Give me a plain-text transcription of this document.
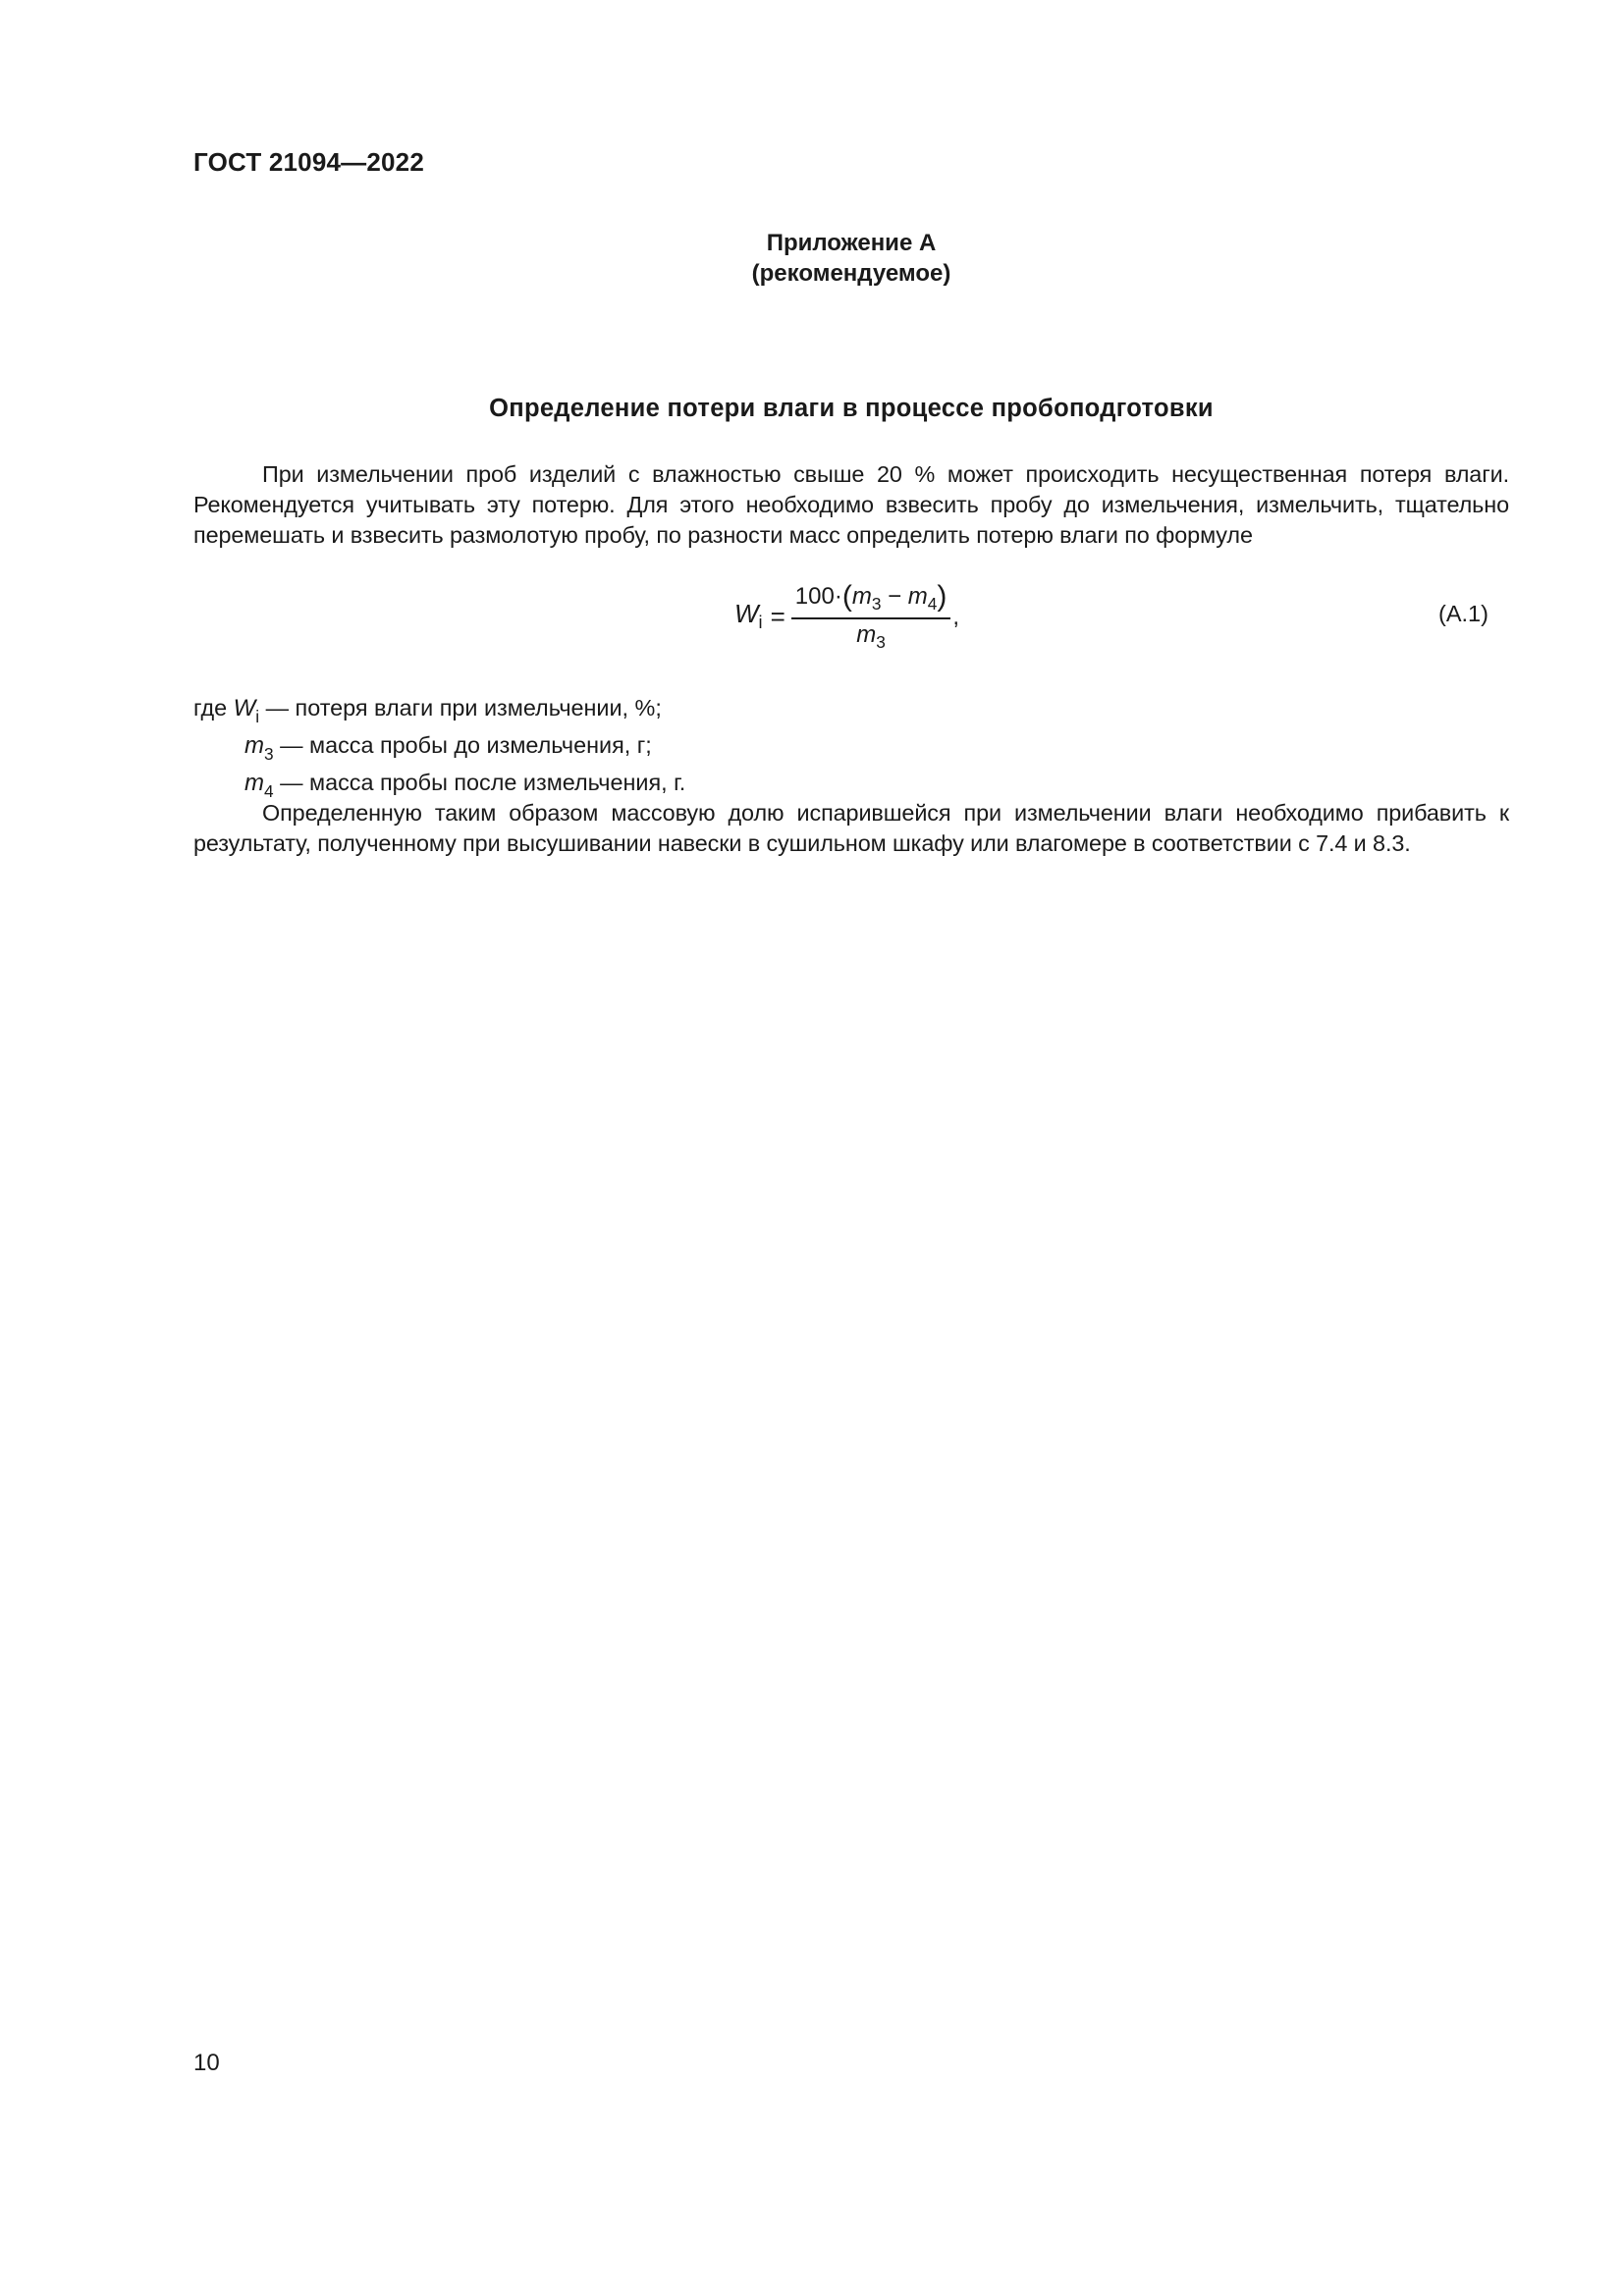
ГОСТ 21094—2022
Приложение А
(рекомендуемое)
Определение потери влаги в процессе пробоподготовки

При измельчении проб изделий с влажностью свыше 20 % может происходить несущественная потеря влаги. Рекомендуется учитывать эту потерю. Для этого необходимо взвесить пробу до измельчения, измельчить, тщательно перемешать и взвесить размолотую пробу, по разности масс определить потерю влаги по формуле

$W_i = \frac{100\cdot(m_3 - m_4)}{m_3}$ ,	(А.1)
где $W_i$ — потеря влаги при измельчении, %;
$m_3$ — масса пробы до измельчения, г;
$m_4$ — масса пробы после измельчения, г.

Определенную таким образом массовую долю испарившейся при измельчении влаги необходимо прибавить к результату, полученному при высушивании навески в сушильном шкафу или влагомере в соответствии с 7.4 и 8.3.

10
